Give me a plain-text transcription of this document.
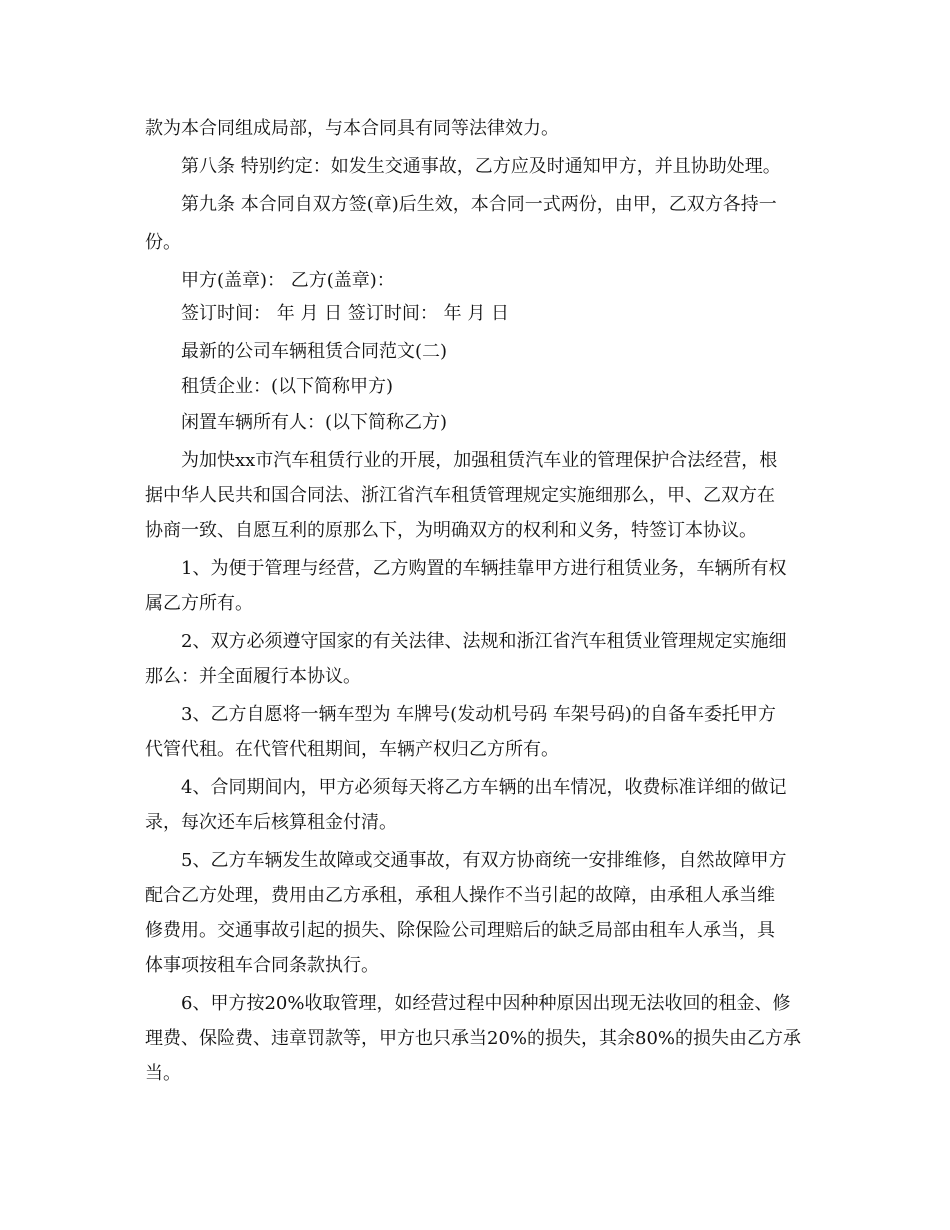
款为本合同组成局部，与本合同具有同等法律效力。
第八条 特别约定：如发生交通事故，乙方应及时通知甲方，并且协助处理。
第九条 本合同自双方签(章)后生效，本合同一式两份，由甲，乙双方各持一
份。
甲方(盖章)： 乙方(盖章)：
签订时间： 年 月 日 签订时间： 年 月 日
最新的公司车辆租赁合同范文(二)
租赁企业：(以下简称甲方)
闲置车辆所有人：(以下简称乙方)
为加快xx市汽车租赁行业的开展，加强租赁汽车业的管理保护合法经营，根
据中华人民共和国合同法、浙江省汽车租赁管理规定实施细那么，甲、乙双方在
协商一致、自愿互利的原那么下，为明确双方的权利和义务，特签订本协议。
1、为便于管理与经营，乙方购置的车辆挂靠甲方进行租赁业务，车辆所有权
属乙方所有。
2、双方必须遵守国家的有关法律、法规和浙江省汽车租赁业管理规定实施细
那么：并全面履行本协议。
3、乙方自愿将一辆车型为 车牌号(发动机号码 车架号码)的自备车委托甲方
代管代租。在代管代租期间，车辆产权归乙方所有。
4、合同期间内，甲方必须每天将乙方车辆的出车情况，收费标准详细的做记
录，每次还车后核算租金付清。
5、乙方车辆发生故障或交通事故，有双方协商统一安排维修，自然故障甲方
配合乙方处理，费用由乙方承租，承租人操作不当引起的故障，由承租人承当维
修费用。交通事故引起的损失、除保险公司理赔后的缺乏局部由租车人承当，具
体事项按租车合同条款执行。
6、甲方按20%收取管理，如经营过程中因种种原因出现无法收回的租金、修
理费、保险费、违章罚款等，甲方也只承当20%的损失，其余80%的损失由乙方承
当。
